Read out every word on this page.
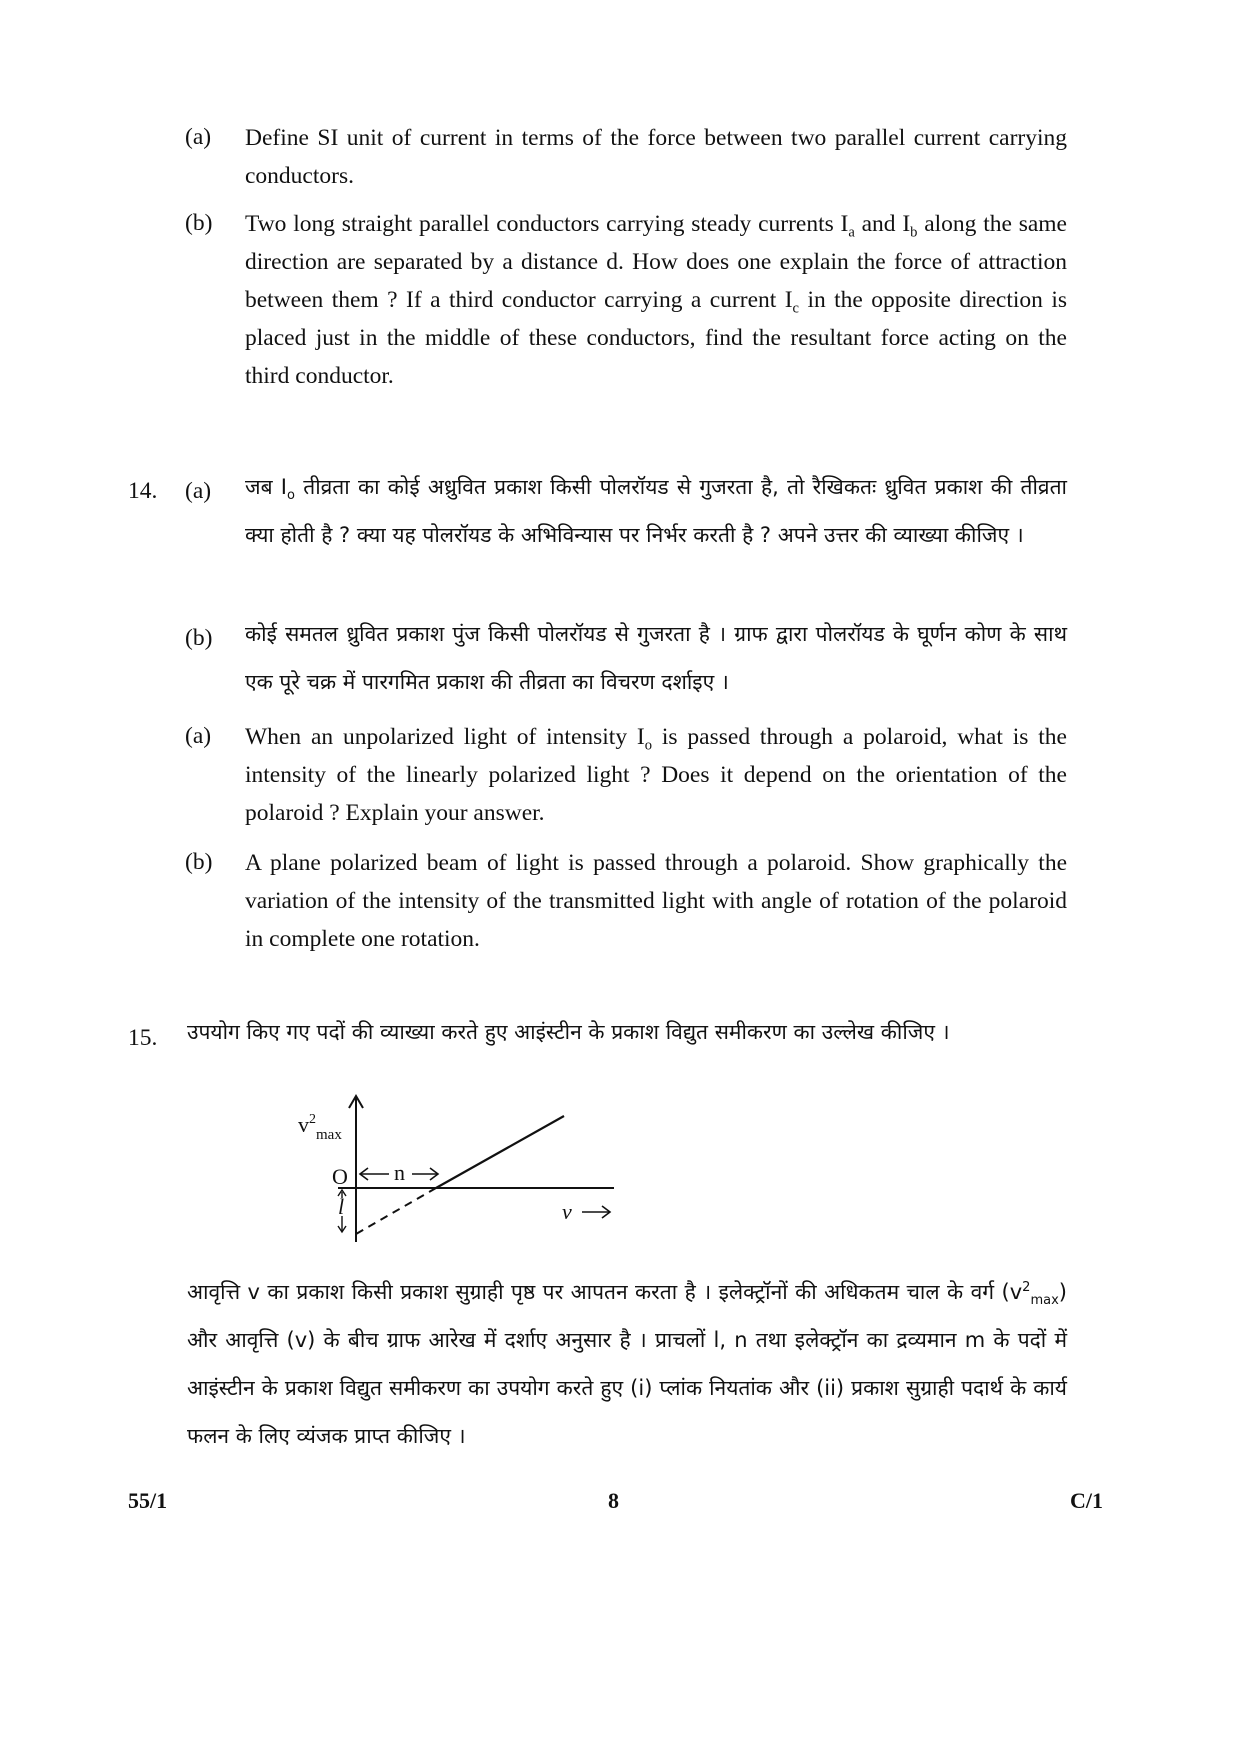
(a)	Define SI unit of current in terms of the force between two parallel current carrying conductors.
(b)	Two long straight parallel conductors carrying steady currents $I_a$ and $I_b$ along the same direction are separated by a distance d. How does one explain the force of attraction between them ? If a third conductor carrying a current $I_c$ in the opposite direction is placed just in the middle of these conductors, find the resultant force acting on the third conductor.
14.	(a)	जब $I_o$ तीव्रता का कोई अध्रुवित प्रकाश किसी पोलरॉयड से गुजरता है, तो रैखिकतः ध्रुवित प्रकाश की तीव्रता क्या होती है ? क्या यह पोलरॉयड के अभिविन्यास पर निर्भर करती है ? अपने उत्तर की व्याख्या कीजिए ।
(b)	कोई समतल ध्रुवित प्रकाश पुंज किसी पोलरॉयड से गुजरता है । ग्राफ द्वारा पोलरॉयड के घूर्णन कोण के साथ एक पूरे चक्र में पारगमित प्रकाश की तीव्रता का विचरण दर्शाइए ।
(a)	When an unpolarized light of intensity $I_o$ is passed through a polaroid, what is the intensity of the linearly polarized light ? Does it depend on the orientation of the polaroid ? Explain your answer.
(b)	A plane polarized beam of light is passed through a polaroid. Show graphically the variation of the intensity of the transmitted light with angle of rotation of the polaroid in complete one rotation.
15.	उपयोग किए गए पदों की व्याख्या करते हुए आइंस्टीन के प्रकाश विद्युत समीकरण का उल्लेख कीजिए ।
$v^2_{max}$
O n
l	v
आवृत्ति v का प्रकाश किसी प्रकाश सुग्राही पृष्ठ पर आपतन करता है । इलेक्ट्रॉनों की अधिकतम चाल के वर्ग $(v^2_{max})$ और आवृत्ति (v) के बीच ग्राफ आरेख में दर्शाए अनुसार है । प्राचलों l, n तथा इलेक्ट्रॉन का द्रव्यमान m के पदों में आइंस्टीन के प्रकाश विद्युत समीकरण का उपयोग करते हुए (i) प्लांक नियतांक और (ii) प्रकाश सुग्राही पदार्थ के कार्य फलन के लिए व्यंजक प्राप्त कीजिए ।
55/1	8	C/1
